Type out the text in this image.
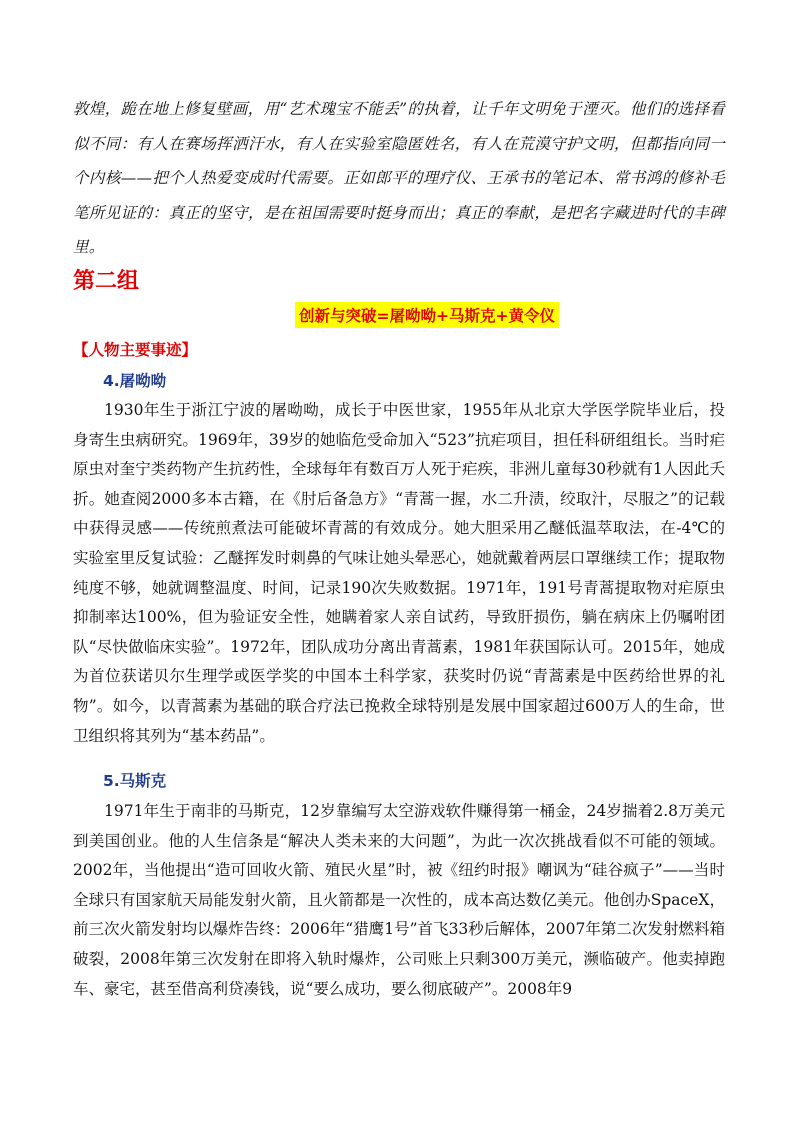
敦煌，跪在地上修复壁画，用“艺术瑰宝不能丢”的执着，让千年文明免于湮灭。他们的选择看似不同：有人在赛场挥洒汗水，有人在实验室隐匿姓名，有人在荒漠守护文明，但都指向同一个内核——把个人热爱变成时代需要。正如郎平的理疗仪、王承书的笔记本、常书鸿的修补毛笔所见证的：真正的坚守，是在祖国需要时挺身而出；真正的奉献，是把名字藏进时代的丰碑里。

第二组
创新与突破=屠呦呦+马斯克+黄令仪
【人物主要事迹】
4.屠呦呦

1930年生于浙江宁波的屠呦呦，成长于中医世家，1955年从北京大学医学院毕业后，投身寄生虫病研究。1969年，39岁的她临危受命加入“523”抗疟项目，担任科研组组长。当时疟原虫对奎宁类药物产生抗药性，全球每年有数百万人死于疟疾，非洲儿童每30秒就有1人因此夭折。她查阅2000多本古籍，在《肘后备急方》“青蒿一握，水二升渍，绞取汁，尽服之”的记载中获得灵感——传统煎煮法可能破坏青蒿的有效成分。她大胆采用乙醚低温萃取法，在-4℃的实验室里反复试验：乙醚挥发时刺鼻的气味让她头晕恶心，她就戴着两层口罩继续工作；提取物纯度不够，她就调整温度、时间，记录190次失败数据。1971年，191号青蒿提取物对疟原虫抑制率达100%，但为验证安全性，她瞒着家人亲自试药，导致肝损伤，躺在病床上仍嘱咐团队“尽快做临床实验”。1972年，团队成功分离出青蒿素，1981年获国际认可。2015年，她成为首位获诺贝尔生理学或医学奖的中国本土科学家，获奖时仍说“青蒿素是中医药给世界的礼物”。如今，以青蒿素为基础的联合疗法已挽救全球特别是发展中国家超过600万人的生命，世卫组织将其列为“基本药品”。

5.马斯克

1971年生于南非的马斯克，12岁靠编写太空游戏软件赚得第一桶金，24岁揣着2.8万美元到美国创业。他的人生信条是“解决人类未来的大问题”，为此一次次挑战看似不可能的领域。2002年，当他提出“造可回收火箭、殖民火星”时，被《纽约时报》嘲讽为“硅谷疯子”——当时全球只有国家航天局能发射火箭，且火箭都是一次性的，成本高达数亿美元。他创办SpaceX，前三次火箭发射均以爆炸告终：2006年“猎鹰1号”首飞33秒后解体，2007年第二次发射燃料箱破裂，2008年第三次发射在即将入轨时爆炸，公司账上只剩300万美元，濒临破产。他卖掉跑车、豪宅，甚至借高利贷凑钱，说“要么成功，要么彻底破产”。2008年9
